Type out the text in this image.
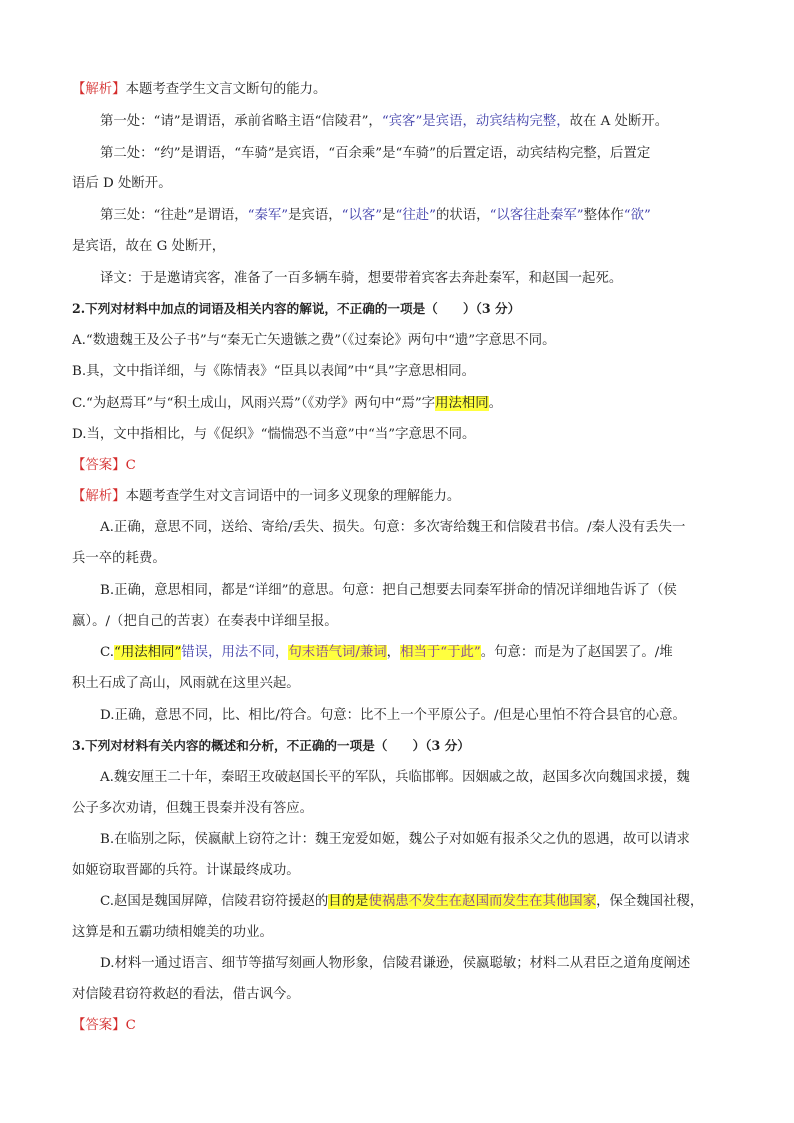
【解析】本题考查学生文言文断句的能力。
第一处：“请”是谓语，承前省略主语“信陵君”，“宾客”是宾语，动宾结构完整，故在 A 处断开。
第二处：“约”是谓语，“车骑”是宾语，“百余乘”是“车骑”的后置定语，动宾结构完整，后置定
语后 D 处断开。
第三处：“往赴”是谓语，“秦军”是宾语，“以客”是“往赴”的状语，“以客往赴秦军”整体作“欲”
是宾语，故在 G 处断开，
译文：于是邀请宾客，准备了一百多辆车骑，想要带着宾客去奔赴秦军，和赵国一起死。
2.下列对材料中加点的词语及相关内容的解说，不正确的一项是（　　）（3 分）
A.“数遗魏王及公子书”与“秦无亡矢遗镞之费”（《过秦论》两句中“遗”字意思不同。
B.具，文中指详细，与《陈情表》“臣具以表闻”中“具”字意思相同。
C.“为赵焉耳”与“积土成山，风雨兴焉”（《劝学》两句中“焉”字用法相同。
D.当，文中指相比，与《促织》“惴惴恐不当意”中“当”字意思不同。
【答案】C
【解析】本题考查学生对文言词语中的一词多义现象的理解能力。
A.正确，意思不同，送给、寄给/丢失、损失。句意：多次寄给魏王和信陵君书信。/秦人没有丢失一
兵一卒的耗费。
B.正确，意思相同，都是“详细”的意思。句意：把自己想要去同秦军拼命的情况详细地告诉了（侯
嬴）。/（把自己的苦衷）在奏表中详细呈报。
C.“用法相同”错误，用法不同，句末语气词/兼词，相当于“于此”。句意：而是为了赵国罢了。/堆
积土石成了高山，风雨就在这里兴起。
D.正确，意思不同，比、相比/符合。句意：比不上一个平原公子。/但是心里怕不符合县官的心意。
3.下列对材料有关内容的概述和分析，不正确的一项是（　　）（3 分）
A.魏安厘王二十年，秦昭王攻破赵国长平的军队，兵临邯郸。因姻戚之故，赵国多次向魏国求援，魏
公子多次劝请，但魏王畏秦并没有答应。
B.在临别之际，侯嬴献上窃符之计：魏王宠爱如姬，魏公子对如姬有报杀父之仇的恩遇，故可以请求
如姬窃取晋鄙的兵符。计谋最终成功。
C.赵国是魏国屏障，信陵君窃符援赵的目的是使祸患不发生在赵国而发生在其他国家，保全魏国社稷，
这算是和五霸功绩相媲美的功业。
D.材料一通过语言、细节等描写刻画人物形象，信陵君谦逊，侯嬴聪敏；材料二从君臣之道角度阐述
对信陵君窃符救赵的看法，借古讽今。
【答案】C
